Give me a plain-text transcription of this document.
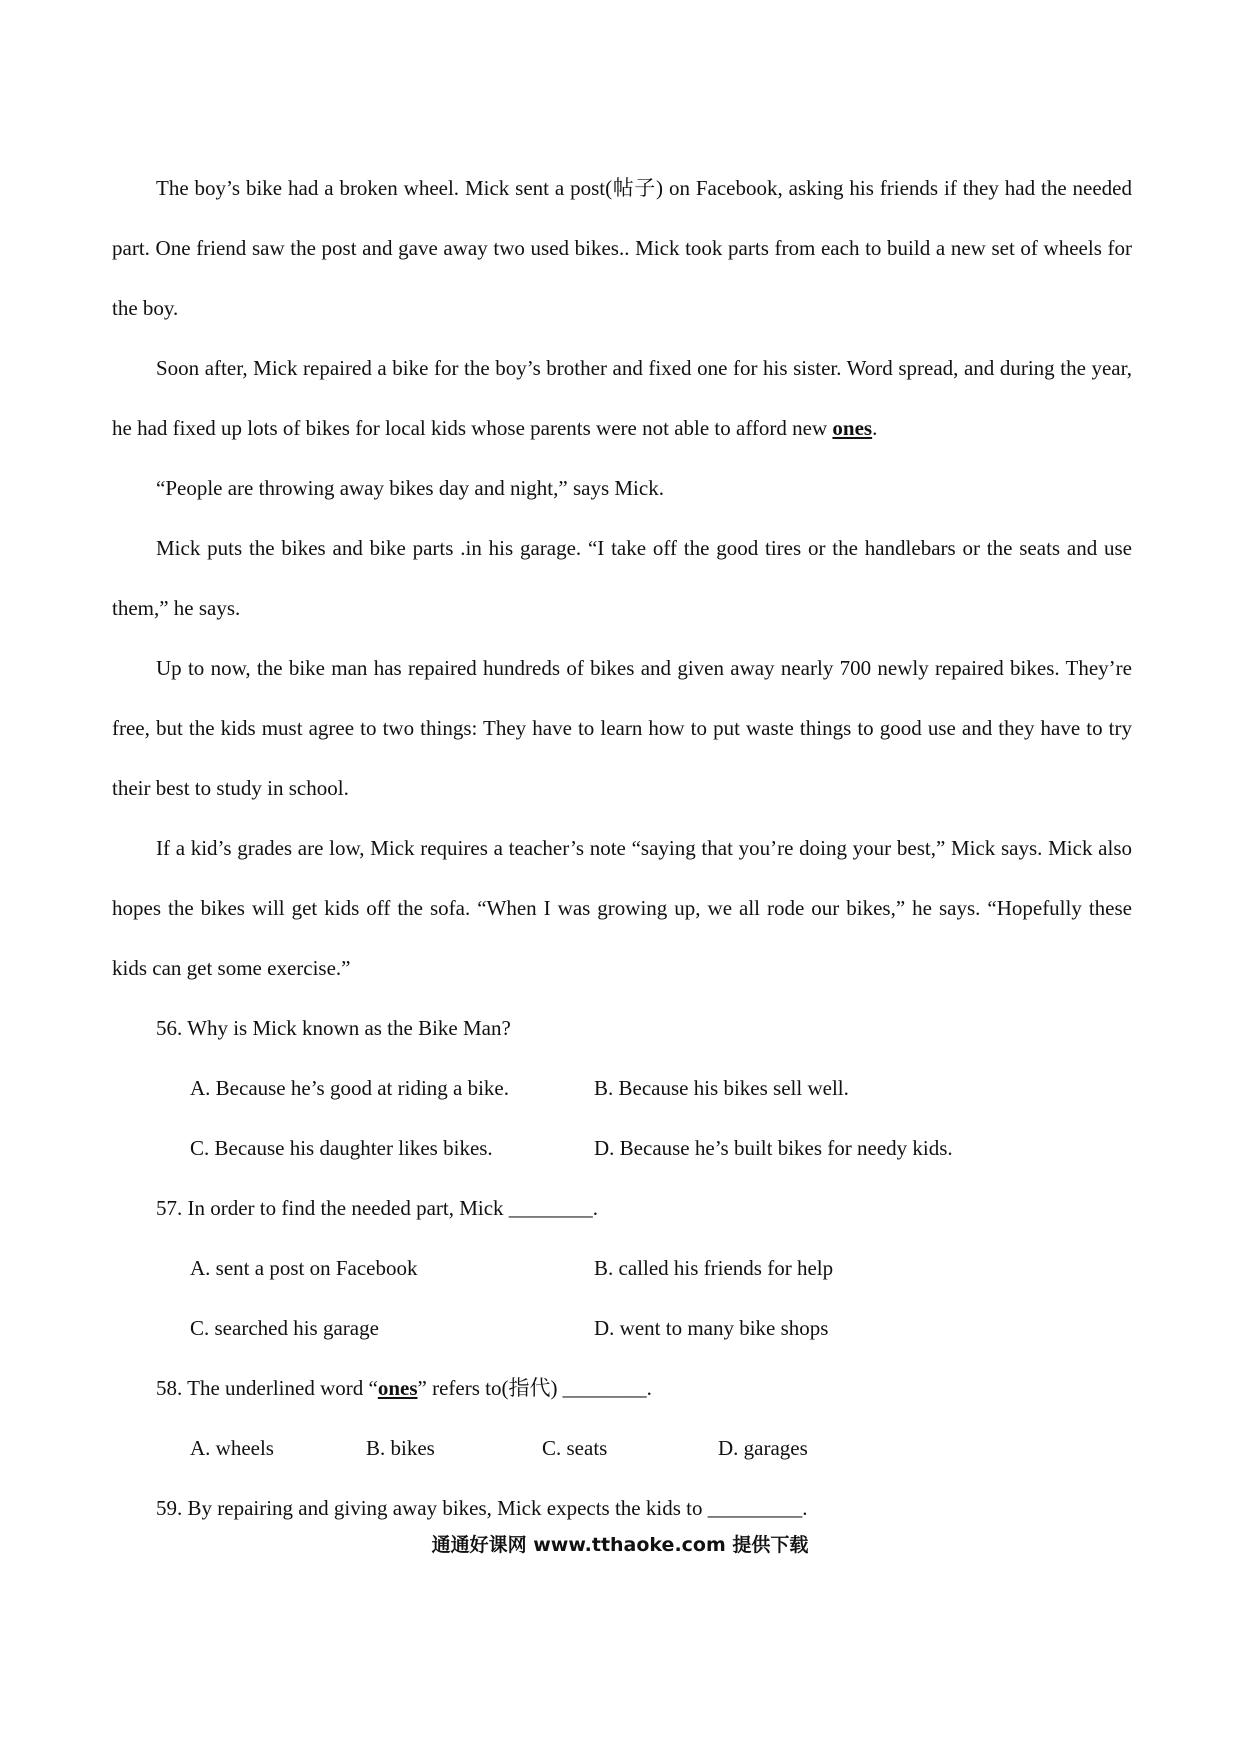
The boy’s bike had a broken wheel. Mick sent a post(帖子) on Facebook, asking his friends if they had the needed part. One friend saw the post and gave away two used bikes.. Mick took parts from each to build a new set of wheels for the boy.

Soon after, Mick repaired a bike for the boy’s brother and fixed one for his sister. Word spread, and during the year, he had fixed up lots of bikes for local kids whose parents were not able to afford new ones.

“People are throwing away bikes day and night,” says Mick.

Mick puts the bikes and bike parts .in his garage. “I take off the good tires or the handlebars or the seats and use them,” he says.

Up to now, the bike man has repaired hundreds of bikes and given away nearly 700 newly repaired bikes. They’re free, but the kids must agree to two things: They have to learn how to put waste things to good use and they have to try their best to study in school.

If a kid’s grades are low, Mick requires a teacher’s note “saying that you’re doing your best,” Mick says. Mick also hopes the bikes will get kids off the sofa. “When I was growing up, we all rode our bikes,” he says. “Hopefully these kids can get some exercise.”

56. Why is Mick known as the Bike Man?

A. Because he’s good at riding a bike.	B. Because his bikes sell well.
C. Because his daughter likes bikes.	D. Because he’s built bikes for needy kids.

57. In order to find the needed part, Mick ________.

A. sent a post on Facebook	B. called his friends for help
C. searched his garage	D. went to many bike shops

58. The underlined word “ones” refers to(指代) ________.

A. wheels	B. bikes	C. seats	D. garages

59. By repairing and giving away bikes, Mick expects the kids to _________.

通通好课网 www.tthaoke.com 提供下载
